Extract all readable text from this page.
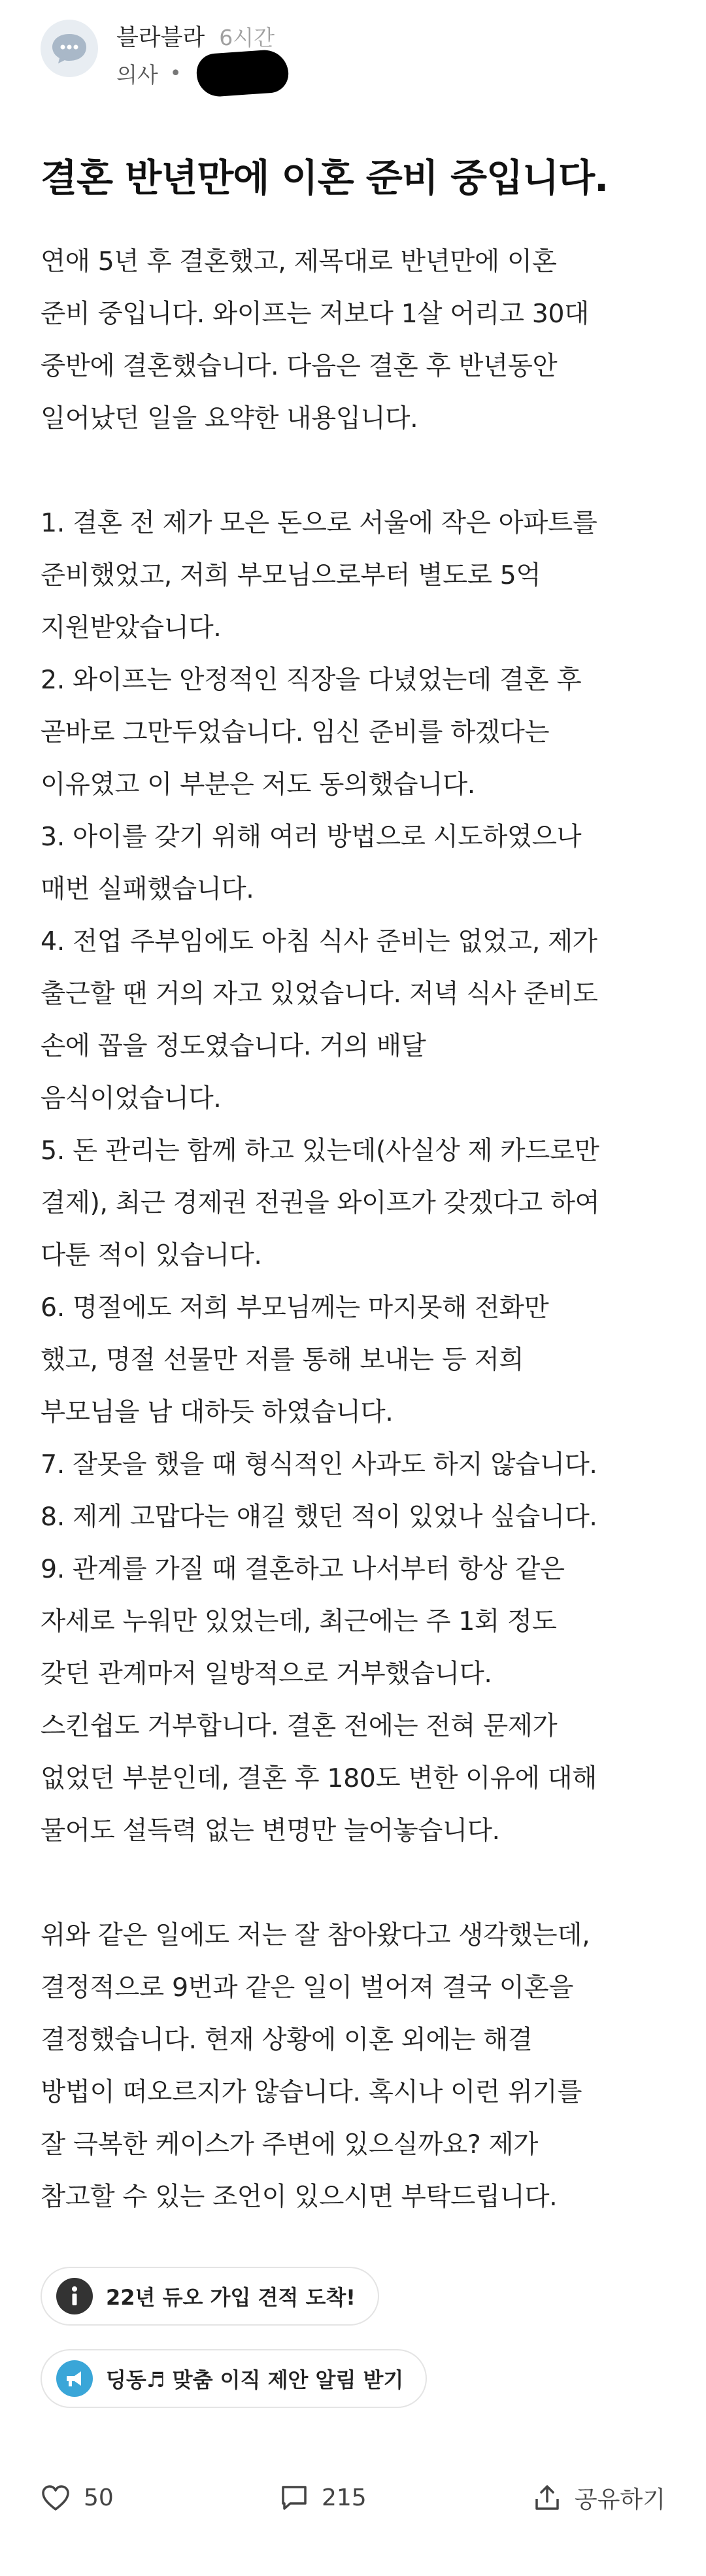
블라블라 6시간
의사 •
결혼 반년만에 이혼 준비 중입니다.

연애 5년 후 결혼했고, 제목대로 반년만에 이혼
준비 중입니다. 와이프는 저보다 1살 어리고 30대
중반에 결혼했습니다. 다음은 결혼 후 반년동안
일어났던 일을 요약한 내용입니다.

1. 결혼 전 제가 모은 돈으로 서울에 작은 아파트를
준비했었고, 저희 부모님으로부터 별도로 5억
지원받았습니다.
2. 와이프는 안정적인 직장을 다녔었는데 결혼 후
곧바로 그만두었습니다. 임신 준비를 하겠다는
이유였고 이 부분은 저도 동의했습니다.
3. 아이를 갖기 위해 여러 방법으로 시도하였으나
매번 실패했습니다.
4. 전업 주부임에도 아침 식사 준비는 없었고, 제가
출근할 땐 거의 자고 있었습니다. 저녁 식사 준비도
손에 꼽을 정도였습니다. 거의 배달
음식이었습니다.
5. 돈 관리는 함께 하고 있는데(사실상 제 카드로만
결제), 최근 경제권 전권을 와이프가 갖겠다고 하여
다툰 적이 있습니다.
6. 명절에도 저희 부모님께는 마지못해 전화만
했고, 명절 선물만 저를 통해 보내는 등 저희
부모님을 남 대하듯 하였습니다.
7. 잘못을 했을 때 형식적인 사과도 하지 않습니다.
8. 제게 고맙다는 얘길 했던 적이 있었나 싶습니다.
9. 관계를 가질 때 결혼하고 나서부터 항상 같은
자세로 누워만 있었는데, 최근에는 주 1회 정도
갖던 관계마저 일방적으로 거부했습니다.
스킨쉽도 거부합니다. 결혼 전에는 전혀 문제가
없었던 부분인데, 결혼 후 180도 변한 이유에 대해
물어도 설득력 없는 변명만 늘어놓습니다.

위와 같은 일에도 저는 잘 참아왔다고 생각했는데,
결정적으로 9번과 같은 일이 벌어져 결국 이혼을
결정했습니다. 현재 상황에 이혼 외에는 해결
방법이 떠오르지가 않습니다. 혹시나 이런 위기를
잘 극복한 케이스가 주변에 있으실까요? 제가
참고할 수 있는 조언이 있으시면 부탁드립니다.

22년 듀오 가입 견적 도착!
딩동♬ 맞춤 이직 제안 알림 받기
50	215	공유하기
